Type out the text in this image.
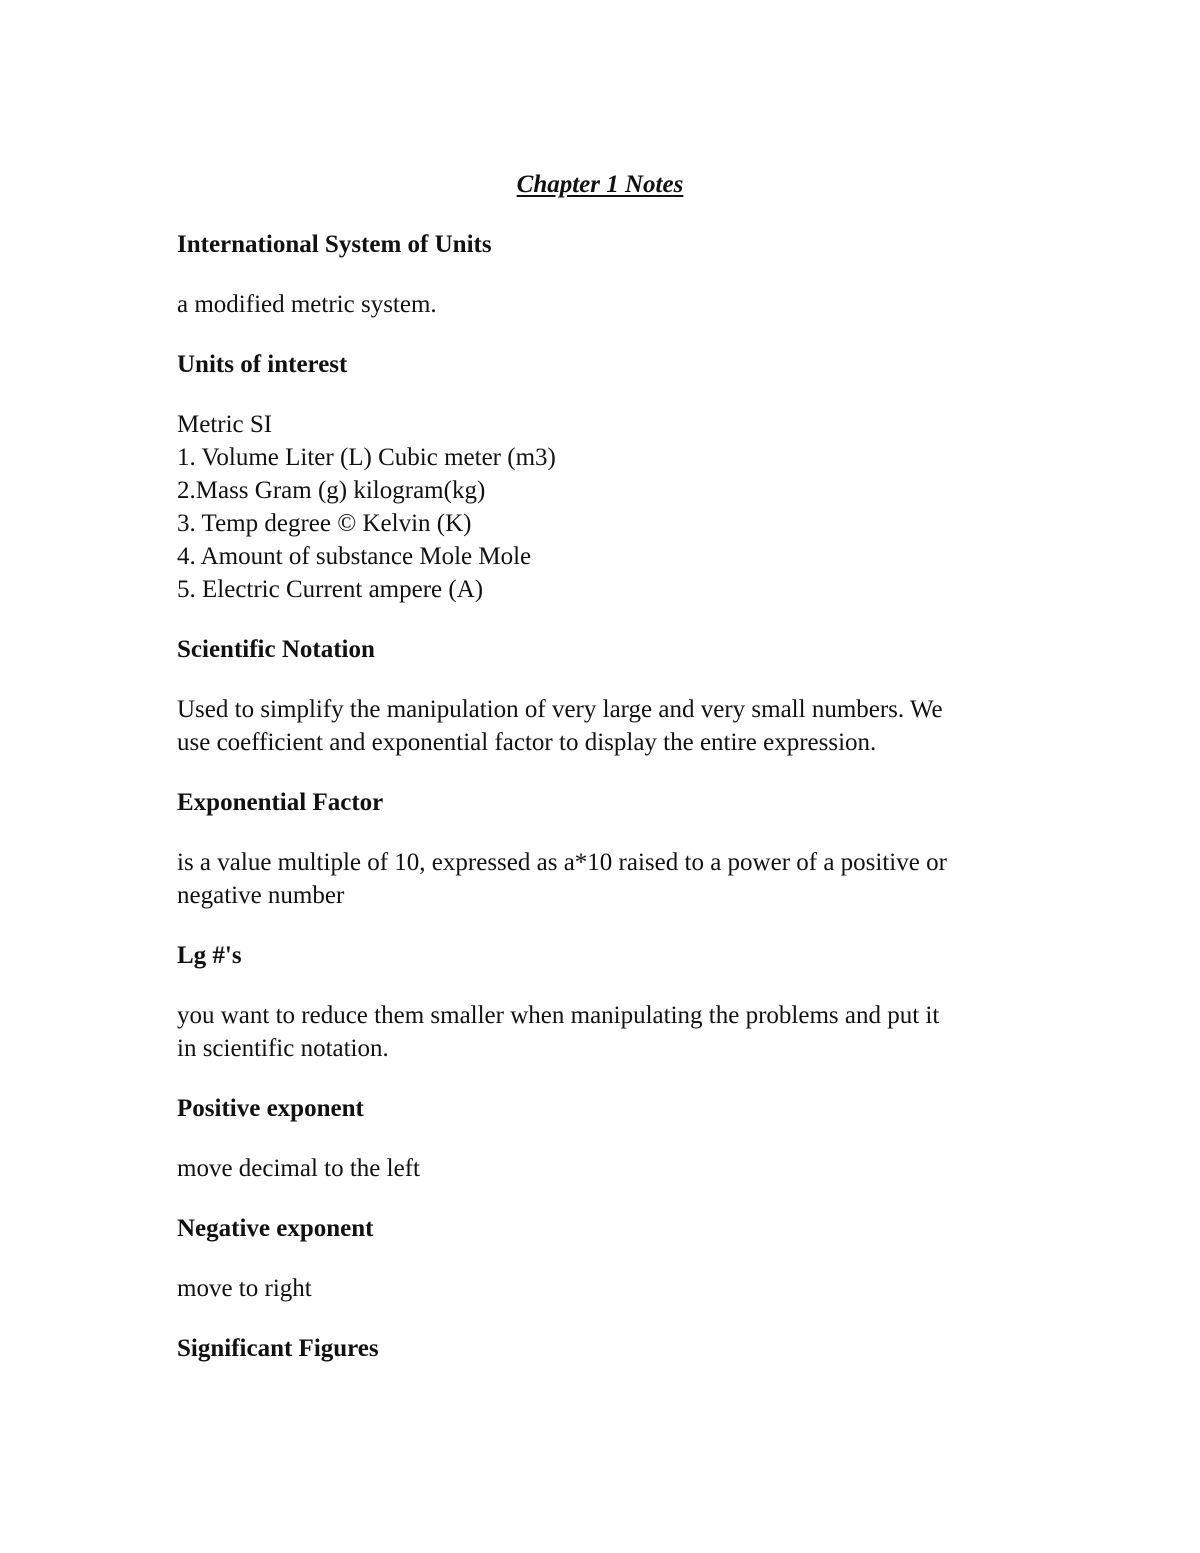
Chapter 1 Notes

International System of Units

a modified metric system.

Units of interest

Metric SI

1. Volume Liter (L) Cubic meter (m3)

2.Mass Gram (g) kilogram(kg)

3. Temp degree © Kelvin (K)

4. Amount of substance Mole Mole

5. Electric Current ampere (A)

Scientific Notation

Used to simplify the manipulation of very large and very small numbers. We

use coefficient and exponential factor to display the entire expression.

Exponential Factor

is a value multiple of 10, expressed as a*10 raised to a power of a positive or

negative number

Lg #'s

you want to reduce them smaller when manipulating the problems and put it

in scientific notation.

Positive exponent

move decimal to the left

Negative exponent

move to right

Significant Figures
